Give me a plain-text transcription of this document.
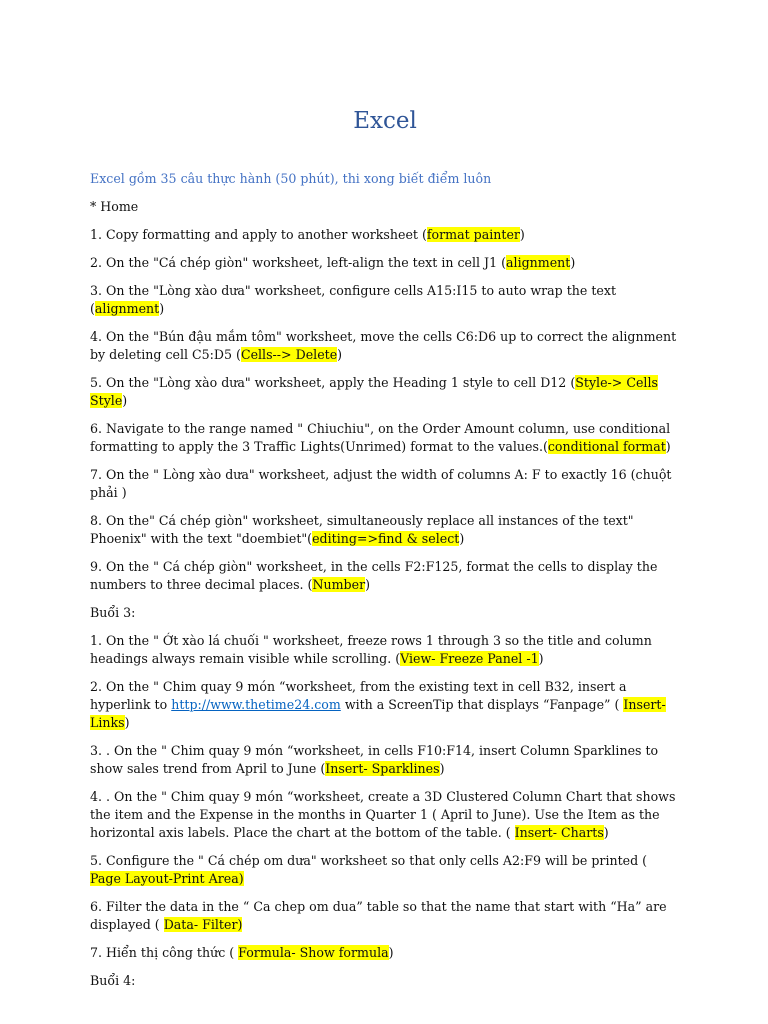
Excel

Excel gồm 35 câu thực hành (50 phút), thi xong biết điểm luôn

* Home

1. Copy formatting and apply to another worksheet (format painter)

2. On the "Cá chép giòn" worksheet, left-align the text in cell J1 (alignment)

3. On the "Lòng xào dưa" worksheet, configure cells A15:I15 to auto wrap the text (alignment)

4. On the "Bún đậu mắm tôm" worksheet, move the cells C6:D6 up to correct the alignment by deleting cell C5:D5 (Cells--> Delete)

5. On the "Lòng xào dưa" worksheet, apply the Heading 1 style to cell D12 (Style-> Cells Style)

6. Navigate to the range named " Chiuchiu", on the Order Amount column, use conditional formatting to apply the 3 Traffic Lights(Unrimed) format to the values.(conditional format)

7. On the " Lòng xào dưa" worksheet, adjust the width of columns A: F to exactly 16 (chuột phải )

8. On the" Cá chép giòn" worksheet, simultaneously replace all instances of the text" Phoenix" with the text "doembiet"(editing=>find & select)

9. On the " Cá chép giòn" worksheet, in the cells F2:F125, format the cells to display the numbers to three decimal places. (Number)

Buổi 3:

1. On the " Ớt xào lá chuối " worksheet, freeze rows 1 through 3 so the title and column headings always remain visible while scrolling. (View- Freeze Panel -1)

2. On the " Chim quay 9 món “worksheet, from the existing text in cell B32, insert a hyperlink to http://www.thetime24.com with a ScreenTip that displays “Fanpage” ( Insert- Links)

3. . On the " Chim quay 9 món “worksheet, in cells F10:F14, insert Column Sparklines to show sales trend from April to June (Insert- Sparklines)

4. . On the " Chim quay 9 món “worksheet, create a 3D Clustered Column Chart that shows the item and the Expense in the months in Quarter 1 ( April to June). Use the Item as the horizontal axis labels. Place the chart at the bottom of the table. ( Insert- Charts)

5. Configure the " Cá chép om dưa" worksheet so that only cells A2:F9 will be printed ( Page Layout-Print Area)

6. Filter the data in the “ Ca chep om dua” table so that the name that start with “Ha” are displayed ( Data- Filter)

7. Hiển thị công thức ( Formula- Show formula)

Buổi 4:
